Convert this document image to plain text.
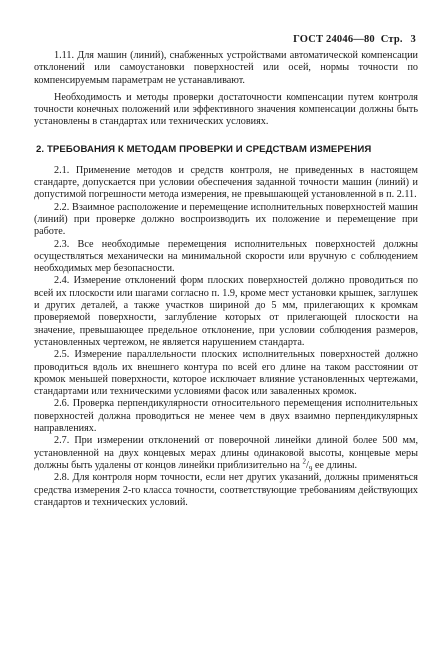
ГОСТ 24046—80 Стр. 3

1.11. Для машин (линий), снабженных устройствами автоматической компенсации отклонений или самоустановки поверхностей или осей, нормы точности по компенсируемым параметрам не устанавливают.

Необходимость и методы проверки достаточности компенсации путем контроля точности конечных положений или эффективного значения компенсации должны быть установлены в стандартах или технических условиях.

2. ТРЕБОВАНИЯ К МЕТОДАМ ПРОВЕРКИ И СРЕДСТВАМ ИЗМЕРЕНИЯ

2.1. Применение методов и средств контроля, не приведенных в настоящем стандарте, допускается при условии обеспечения заданной точности машин (линий) и допустимой погрешности метода измерения, не превышающей установленной в п. 2.11.

2.2. Взаимное расположение и перемещение исполнительных поверхностей машин (линий) при проверке должно воспроизводить их положение и перемещение при работе.

2.3. Все необходимые перемещения исполнительных поверхностей должны осуществляться механически на минимальной скорости или вручную с соблюдением необходимых мер безопасности.

2.4. Измерение отклонений форм плоских поверхностей должно проводиться по всей их плоскости или шагами согласно п. 1.9, кроме мест установки крышек, заглушек и других деталей, а также участков шириной до 5 мм, прилегающих к кромкам проверяемой поверхности, заглубление которых от прилегающей плоскости на значение, превышающее предельное отклонение, при условии соблюдения размеров, установленных чертежом, не является нарушением стандарта.

2.5. Измерение параллельности плоских исполнительных поверхностей должно проводиться вдоль их внешнего контура по всей его длине на таком расстоянии от кромок меньшей поверхности, которое исключает влияние установленных чертежами, стандартами или техническими условиями фасок или заваленных кромок.

2.6. Проверка перпендикулярности относительного перемещения исполнительных поверхностей должна проводиться не менее чем в двух взаимно перпендикулярных направлениях.

2.7. При измерении отклонений от поверочной линейки длиной более 500 мм, установленной на двух концевых мерах длины одинаковой высоты, концевые меры должны быть удалены от концов линейки приблизительно на $^2/_9$ ее длины.

2.8. Для контроля норм точности, если нет других указаний, должны применяться средства измерения 2-го класса точности, соответствующие требованиям действующих стандартов и технических условий.
